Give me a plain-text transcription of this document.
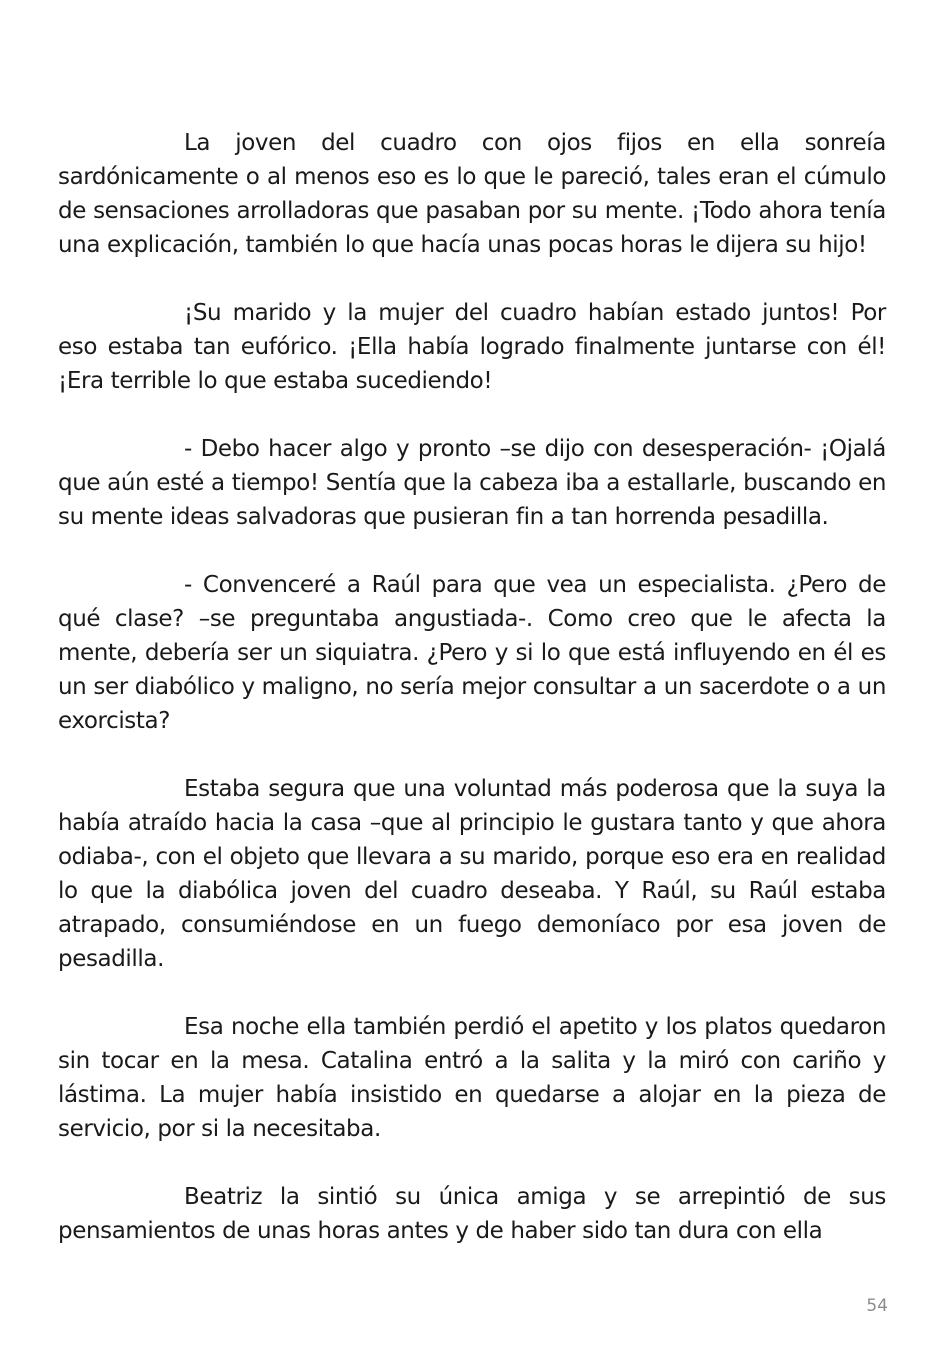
La joven del cuadro con ojos fijos en ella sonreía sardónicamente o al menos eso es lo que le pareció, tales eran el cúmulo de sensaciones arrolladoras que pasaban por su mente. ¡Todo ahora tenía una explicación, también lo que hacía unas pocas horas le dijera su hijo!

¡Su marido y la mujer del cuadro habían estado juntos! Por eso estaba tan eufórico. ¡Ella había logrado finalmente juntarse con él! ¡Era terrible lo que estaba sucediendo!

- Debo hacer algo y pronto –se dijo con desesperación- ¡Ojalá que aún esté a tiempo! Sentía que la cabeza iba a estallarle, buscando en su mente ideas salvadoras que pusieran fin a tan horrenda pesadilla.

- Convenceré a Raúl para que vea un especialista. ¿Pero de qué clase? –se preguntaba angustiada-. Como creo que le afecta la mente, debería ser un siquiatra. ¿Pero y si lo que está influyendo en él es un ser diabólico y maligno, no sería mejor consultar a un sacerdote o a un exorcista?

Estaba segura que una voluntad más poderosa que la suya la había atraído hacia la casa –que al principio le gustara tanto y que ahora odiaba-, con el objeto que llevara a su marido, porque eso era en realidad lo que la diabólica joven del cuadro deseaba. Y Raúl, su Raúl estaba atrapado, consumiéndose en un fuego demoníaco por esa joven de pesadilla.

Esa noche ella también perdió el apetito y los platos quedaron sin tocar en la mesa. Catalina entró a la salita y la miró con cariño y lástima. La mujer había insistido en quedarse a alojar en la pieza de servicio, por si la necesitaba.

Beatriz la sintió su única amiga y se arrepintió de sus pensamientos de unas horas antes y de haber sido tan dura con ella

54
